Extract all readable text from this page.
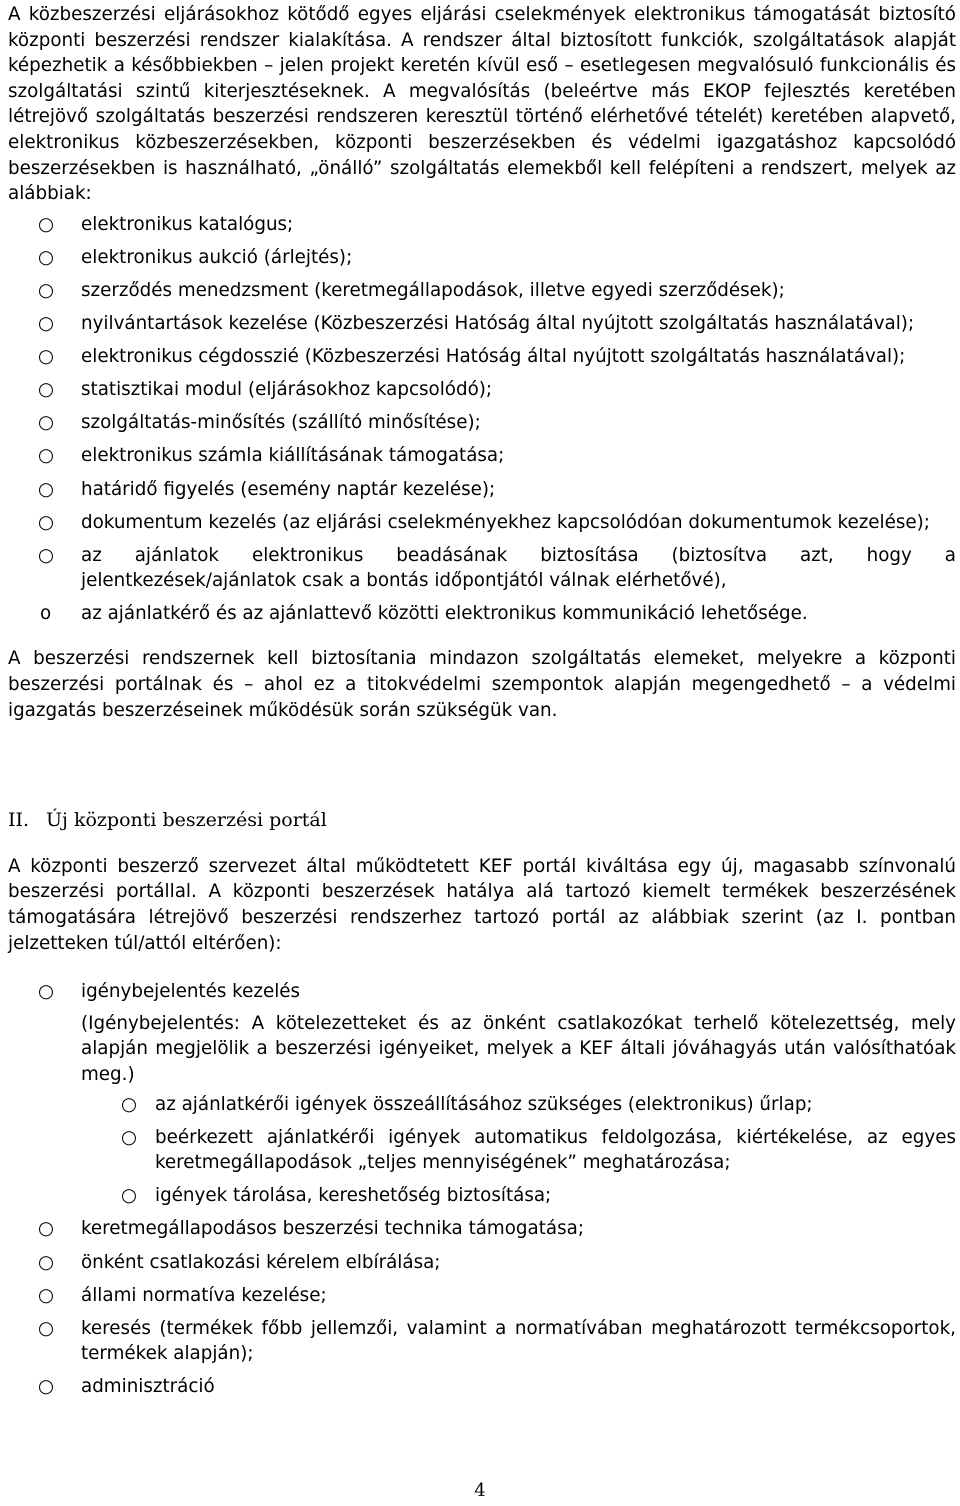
A közbeszerzési eljárásokhoz kötődő egyes eljárási cselekmények elektronikus támogatását biztosító központi beszerzési rendszer kialakítása. A rendszer által biztosított funkciók, szolgáltatások alapját képezhetik a későbbiekben – jelen projekt keretén kívül eső – esetlegesen megvalósuló funkcionális és szolgáltatási szintű kiterjesztéseknek. A megvalósítás (beleértve más EKOP fejlesztés keretében létrejövő szolgáltatás beszerzési rendszeren keresztül történő elérhetővé tételét) keretében alapvető, elektronikus közbeszerzésekben, központi beszerzésekben és védelmi igazgatáshoz kapcsolódó beszerzésekben is használható, „önálló” szolgáltatás elemekből kell felépíteni a rendszert, melyek az alábbiak:

○ elektronikus katalógus;
○ elektronikus aukció (árlejtés);
○ szerződés menedzsment (keretmegállapodások, illetve egyedi szerződések);
○ nyilvántartások kezelése (Közbeszerzési Hatóság által nyújtott szolgáltatás használatával);
○ elektronikus cégdosszié (Közbeszerzési Hatóság által nyújtott szolgáltatás használatával);
○ statisztikai modul (eljárásokhoz kapcsolódó);
○ szolgáltatás-minősítés (szállító minősítése);
○ elektronikus számla kiállításának támogatása;
○ határidő figyelés (esemény naptár kezelése);
○ dokumentum kezelés (az eljárási cselekményekhez kapcsolódóan dokumentumok kezelése);
○ az ajánlatok elektronikus beadásának biztosítása (biztosítva azt, hogy a jelentkezések/ajánlatok csak a bontás időpontjától válnak elérhetővé),
o az ajánlatkérő és az ajánlattevő közötti elektronikus kommunikáció lehetősége.

A beszerzési rendszernek kell biztosítania mindazon szolgáltatás elemeket, melyekre a központi beszerzési portálnak és – ahol ez a titokvédelmi szempontok alapján megengedhető – a védelmi igazgatás beszerzéseinek működésük során szükségük van.

II. Új központi beszerzési portál

A központi beszerző szervezet által működtetett KEF portál kiváltása egy új, magasabb színvonalú beszerzési portállal. A központi beszerzések hatálya alá tartozó kiemelt termékek beszerzésének támogatására létrejövő beszerzési rendszerhez tartozó portál az alábbiak szerint (az I. pontban jelzetteken túl/attól eltérően):

○ igénybejelentés kezelés
(Igénybejelentés: A kötelezetteket és az önként csatlakozókat terhelő kötelezettség, mely alapján megjelölik a beszerzési igényeiket, melyek a KEF általi jóváhagyás után valósíthatóak meg.)
○ az ajánlatkérői igények összeállításához szükséges (elektronikus) űrlap;
○ beérkezett ajánlatkérői igények automatikus feldolgozása, kiértékelése, az egyes keretmegállapodások „teljes mennyiségének” meghatározása;
○ igények tárolása, kereshetőség biztosítása;
○ keretmegállapodásos beszerzési technika támogatása;
○ önként csatlakozási kérelem elbírálása;
○ állami normatíva kezelése;
○ keresés (termékek főbb jellemzői, valamint a normatívában meghatározott termékcsoportok, termékek alapján);
○ adminisztráció
4
